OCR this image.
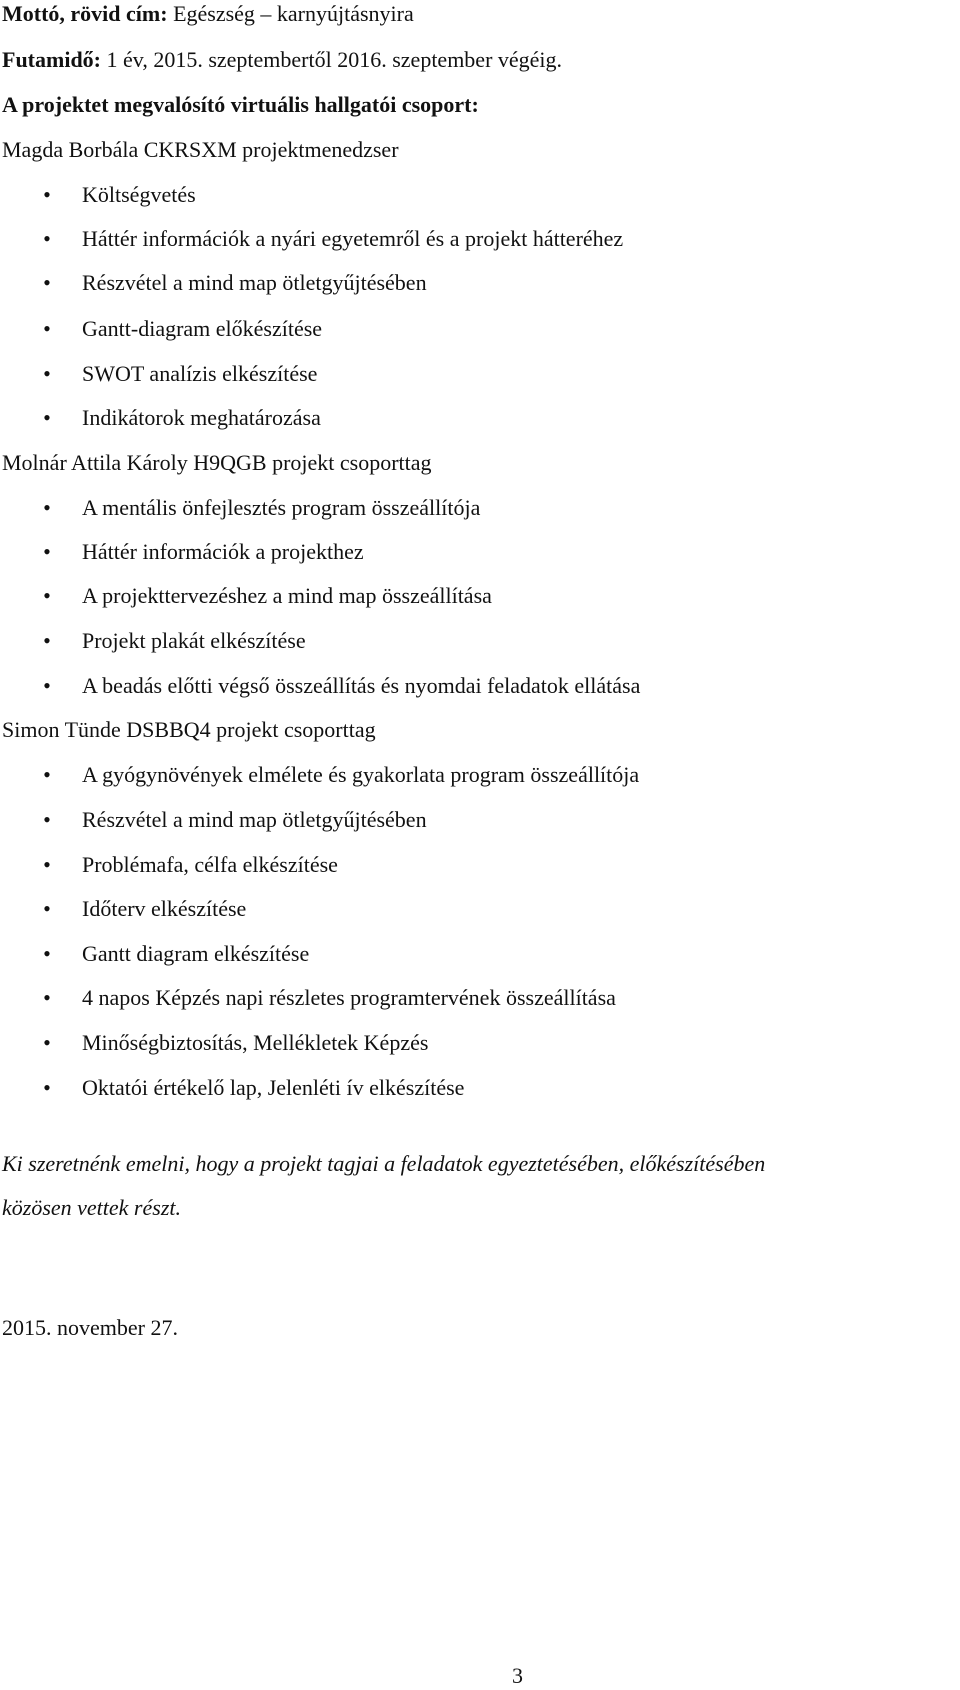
Mottó, rövid cím: Egészség – karnyújtásnyira

Futamidő: 1 év, 2015. szeptembertől 2016. szeptember végéig.

A projektet megvalósító virtuális hallgatói csoport:

Magda Borbála CKRSXM projektmenedzser

• Költségvetés
• Háttér információk a nyári egyetemről és a projekt hátteréhez
• Részvétel a mind map ötletgyűjtésében
• Gantt-diagram előkészítése
• SWOT analízis elkészítése
• Indikátorok meghatározása

Molnár Attila Károly H9QGB projekt csoporttag

• A mentális önfejlesztés program összeállítója
• Háttér információk a projekthez
• A projekttervezéshez a mind map összeállítása
• Projekt plakát elkészítése
• A beadás előtti végső összeállítás és nyomdai feladatok ellátása

Simon Tünde DSBBQ4 projekt csoporttag

• A gyógynövények elmélete és gyakorlata program összeállítója
• Részvétel a mind map ötletgyűjtésében
• Problémafa, célfa elkészítése
• Időterv elkészítése
• Gantt diagram elkészítése
• 4 napos Képzés napi részletes programtervének összeállítása
• Minőségbiztosítás, Mellékletek Képzés
• Oktatói értékelő lap, Jelenléti ív elkészítése

Ki szeretnénk emelni, hogy a projekt tagjai a feladatok egyeztetésében, előkészítésében

közösen vettek részt.

2015. november 27.

3
